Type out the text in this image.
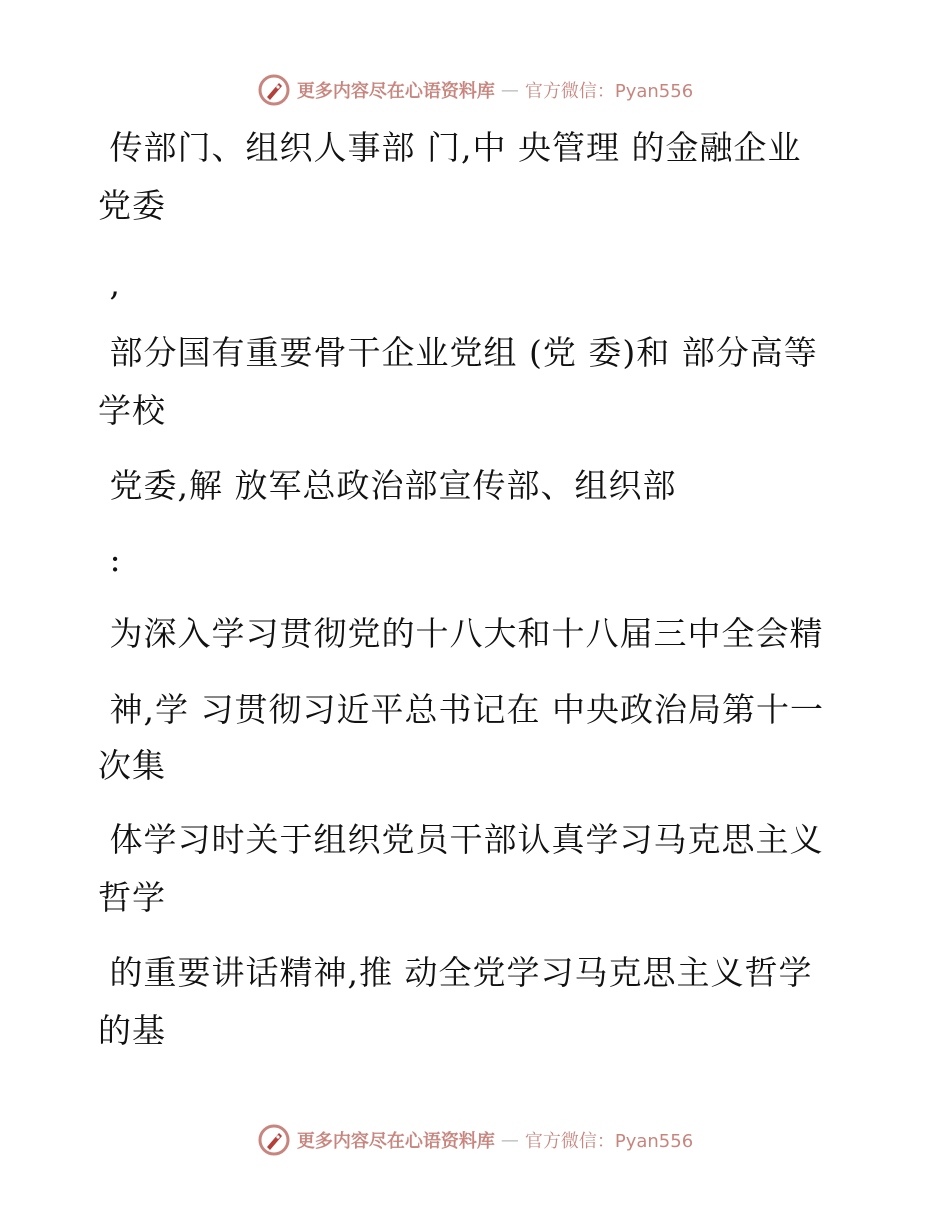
更多内容尽在心语资料库 — 官方微信：Pyan556
传部门、组织人事部 门,中 央管理 的金融企业
党委
,
部分国有重要骨干企业党组 (党 委)和 部分高等
学校
党委,解 放军总政治部宣传部、组织部
:
为深入学习贯彻党的十八大和十八届三中全会精
神,学 习贯彻习近平总书记在 中央政治局第十一
次集
体学习时关于组织党员干部认真学习马克思主义
哲学
的重要讲话精神,推 动全党学习马克思主义哲学
的基
更多内容尽在心语资料库 — 官方微信：Pyan556
